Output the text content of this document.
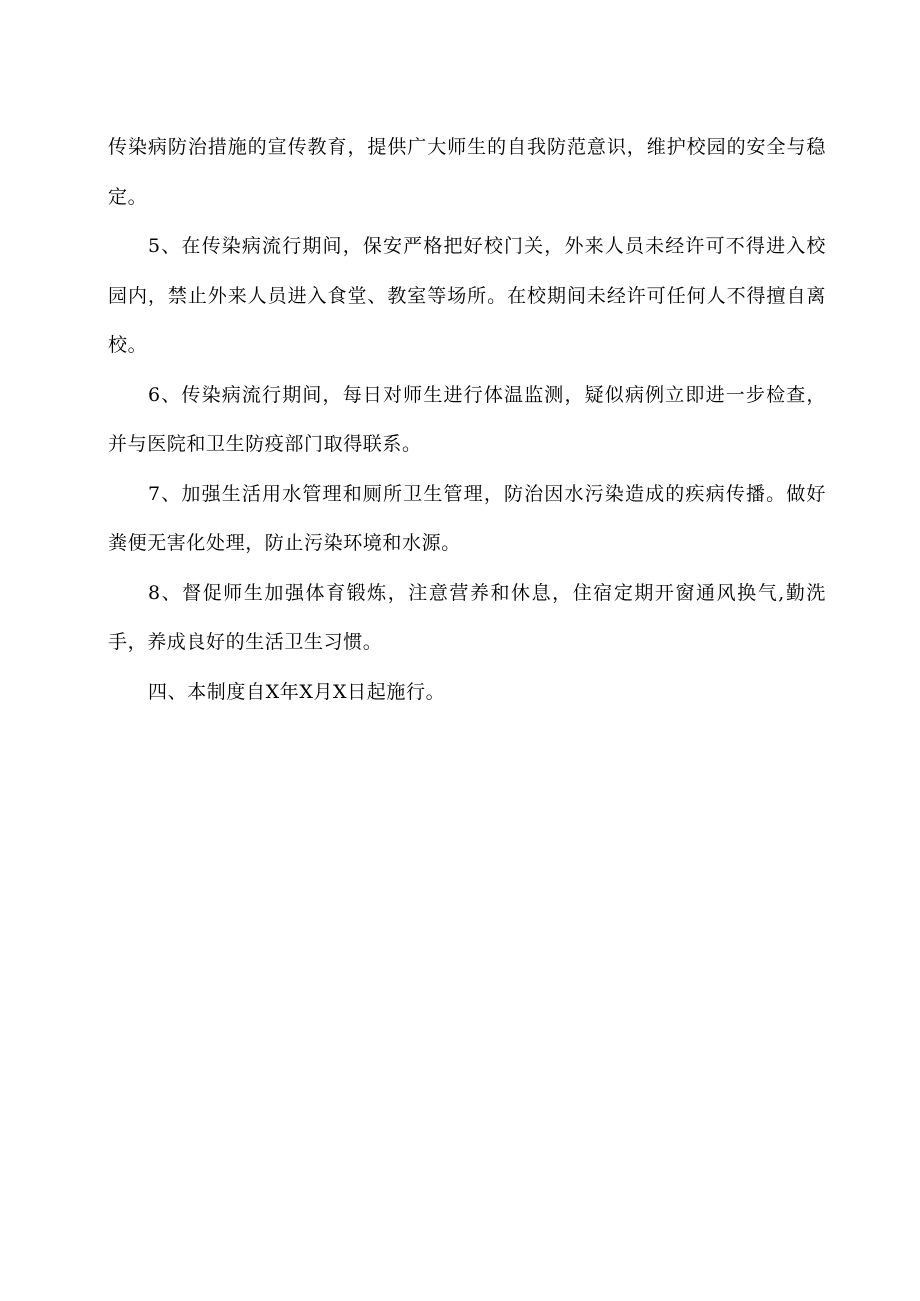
传染病防治措施的宣传教育，提供广大师生的自我防范意识，维护校园的安全与稳定。

5、在传染病流行期间，保安严格把好校门关，外来人员未经许可不得进入校园内，禁止外来人员进入食堂、教室等场所。在校期间未经许可任何人不得擅自离校。

6、传染病流行期间，每日对师生进行体温监测，疑似病例立即进一步检查，并与医院和卫生防疫部门取得联系。

7、加强生活用水管理和厕所卫生管理，防治因水污染造成的疾病传播。做好粪便无害化处理，防止污染环境和水源。

8、督促师生加强体育锻炼，注意营养和休息，住宿定期开窗通风换气,勤洗手，养成良好的生活卫生习惯。

四、本制度自X年X月X日起施行。
